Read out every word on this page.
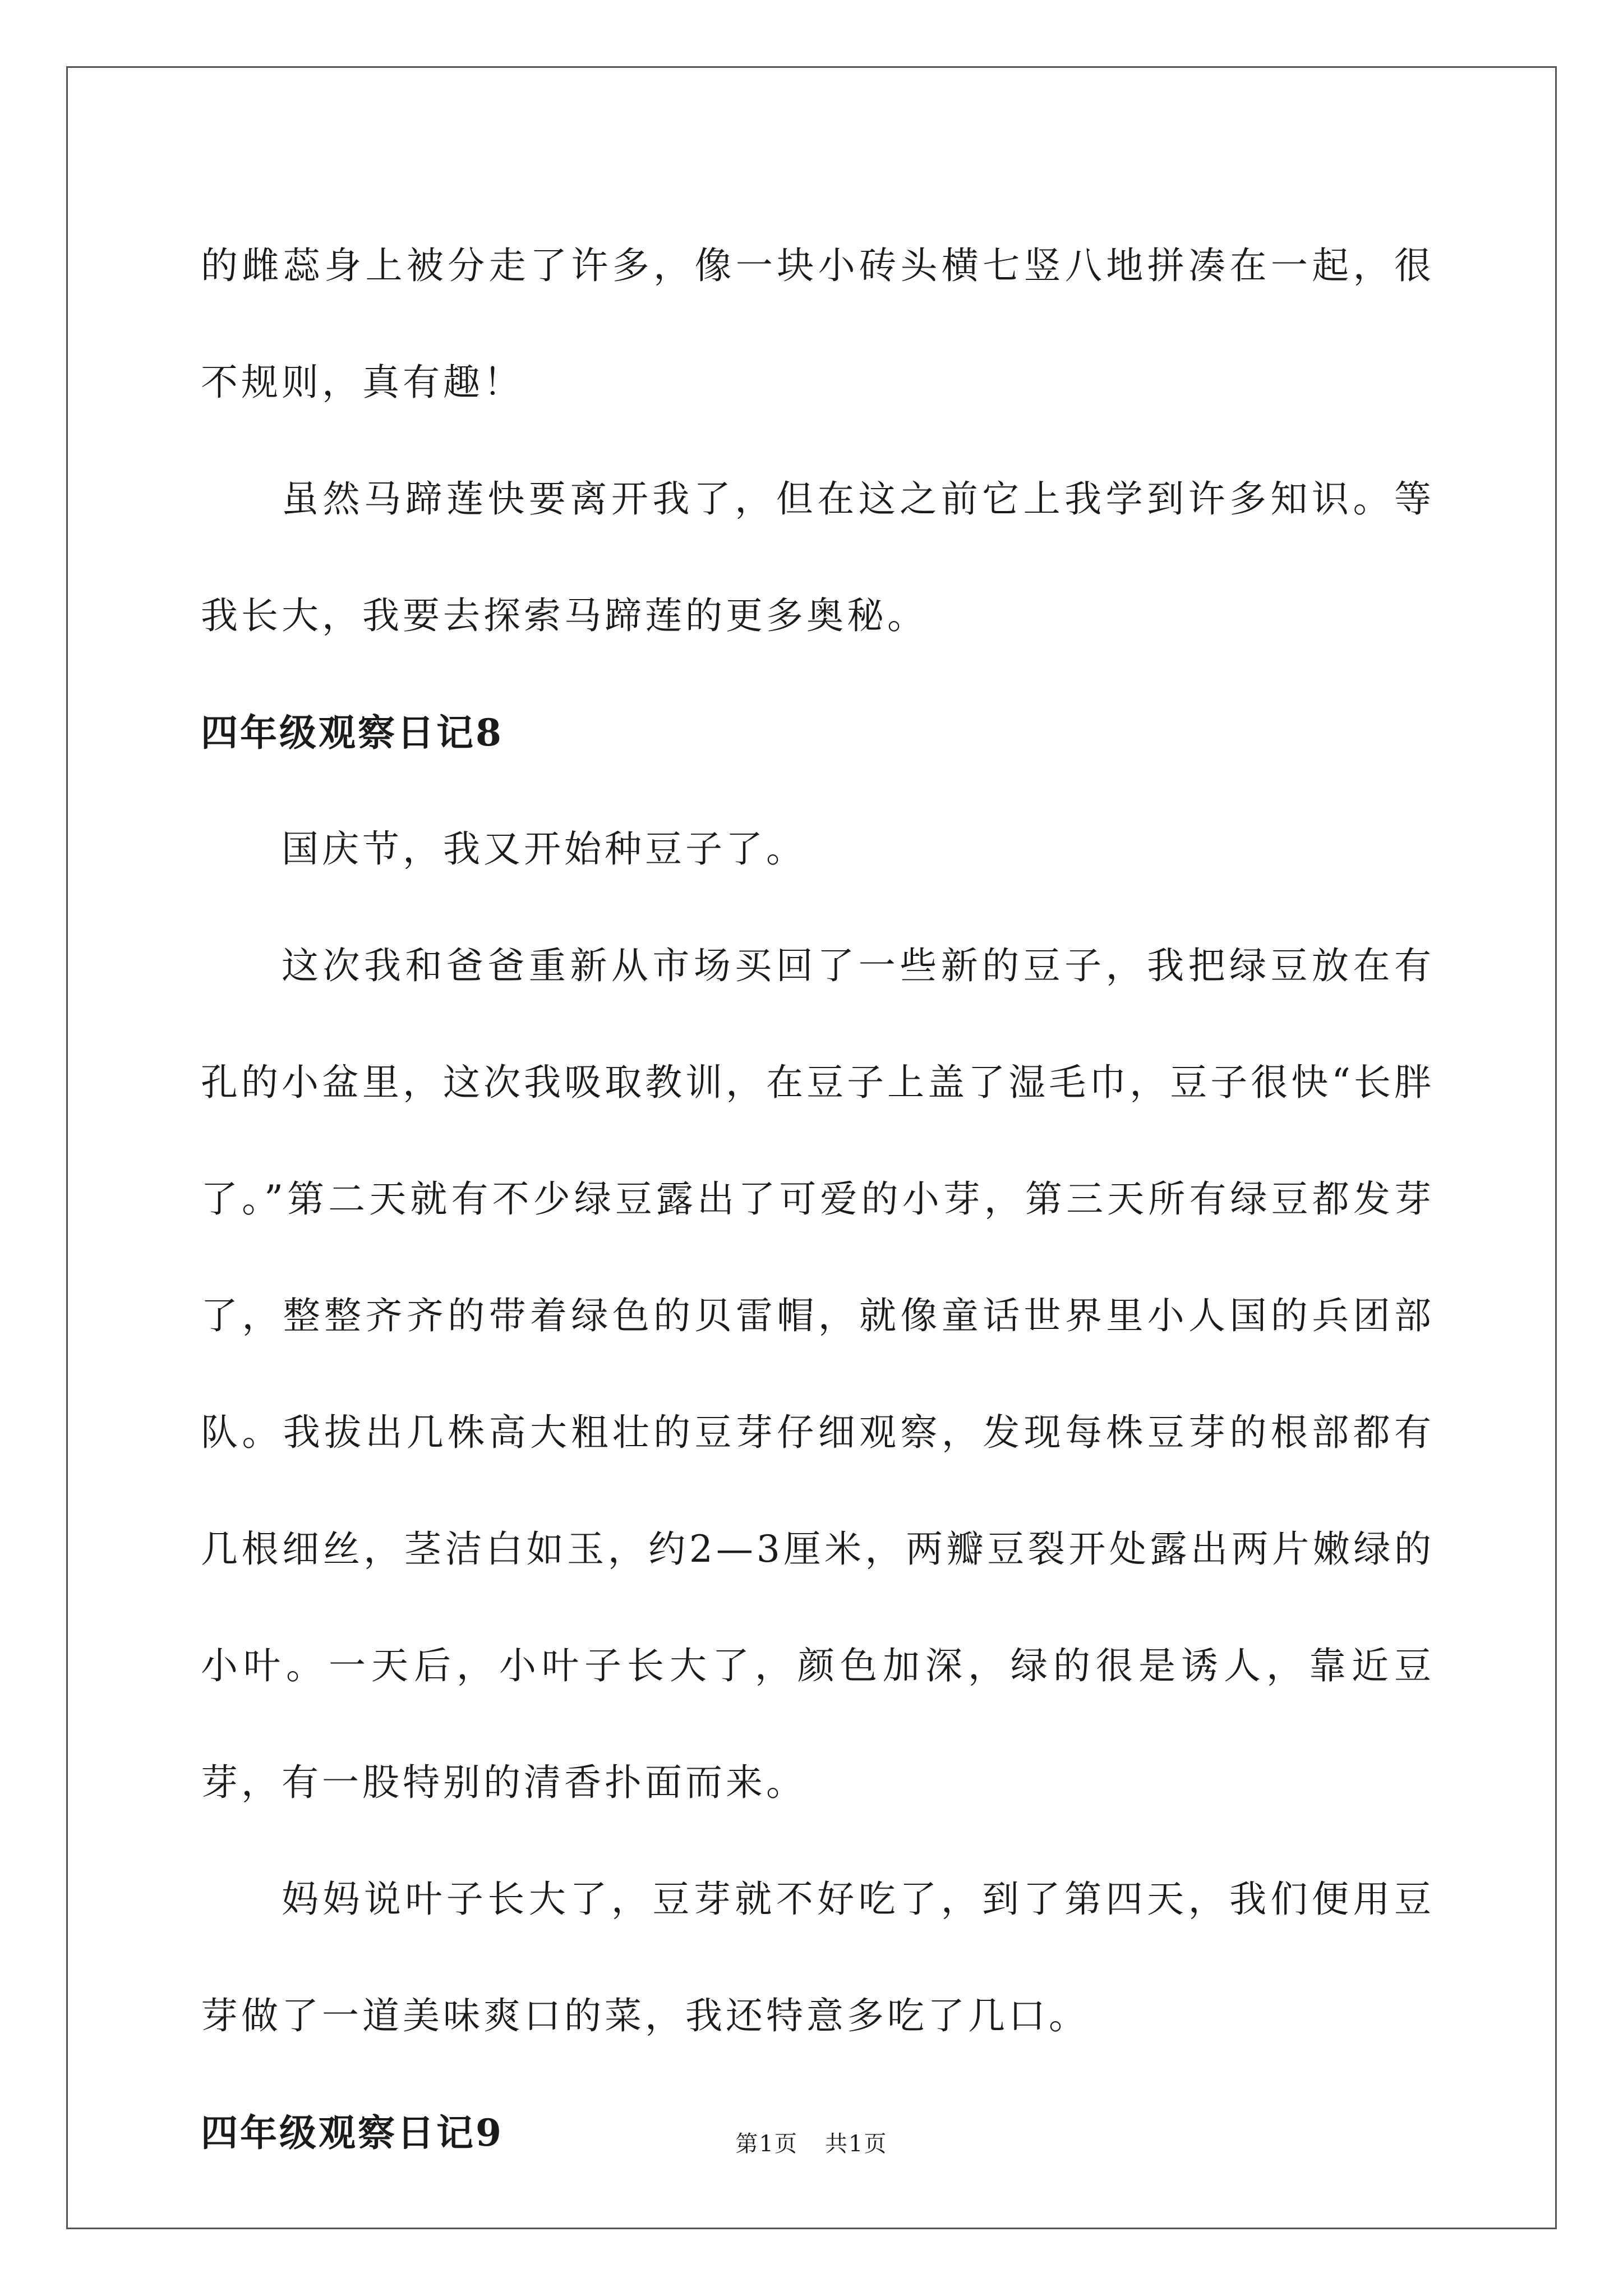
的雌蕊身上被分走了许多，像一块小砖头横七竖八地拼凑在一起，很不规则，真有趣！

虽然马蹄莲快要离开我了，但在这之前它上我学到许多知识。等我长大，我要去探索马蹄莲的更多奥秘。

四年级观察日记8

国庆节，我又开始种豆子了。

这次我和爸爸重新从市场买回了一些新的豆子，我把绿豆放在有孔的小盆里，这次我吸取教训，在豆子上盖了湿毛巾，豆子很快“长胖了。”第二天就有不少绿豆露出了可爱的小芽，第三天所有绿豆都发芽了，整整齐齐的带着绿色的贝雷帽，就像童话世界里小人国的兵团部队。我拔出几株高大粗壮的豆芽仔细观察，发现每株豆芽的根部都有几根细丝，茎洁白如玉，约2—3厘米，两瓣豆裂开处露出两片嫩绿的小叶。一天后，小叶子长大了，颜色加深，绿的很是诱人，靠近豆芽，有一股特别的清香扑面而来。

妈妈说叶子长大了，豆芽就不好吃了，到了第四天，我们便用豆芽做了一道美味爽口的菜，我还特意多吃了几口。

四年级观察日记9	第1页 共1页
